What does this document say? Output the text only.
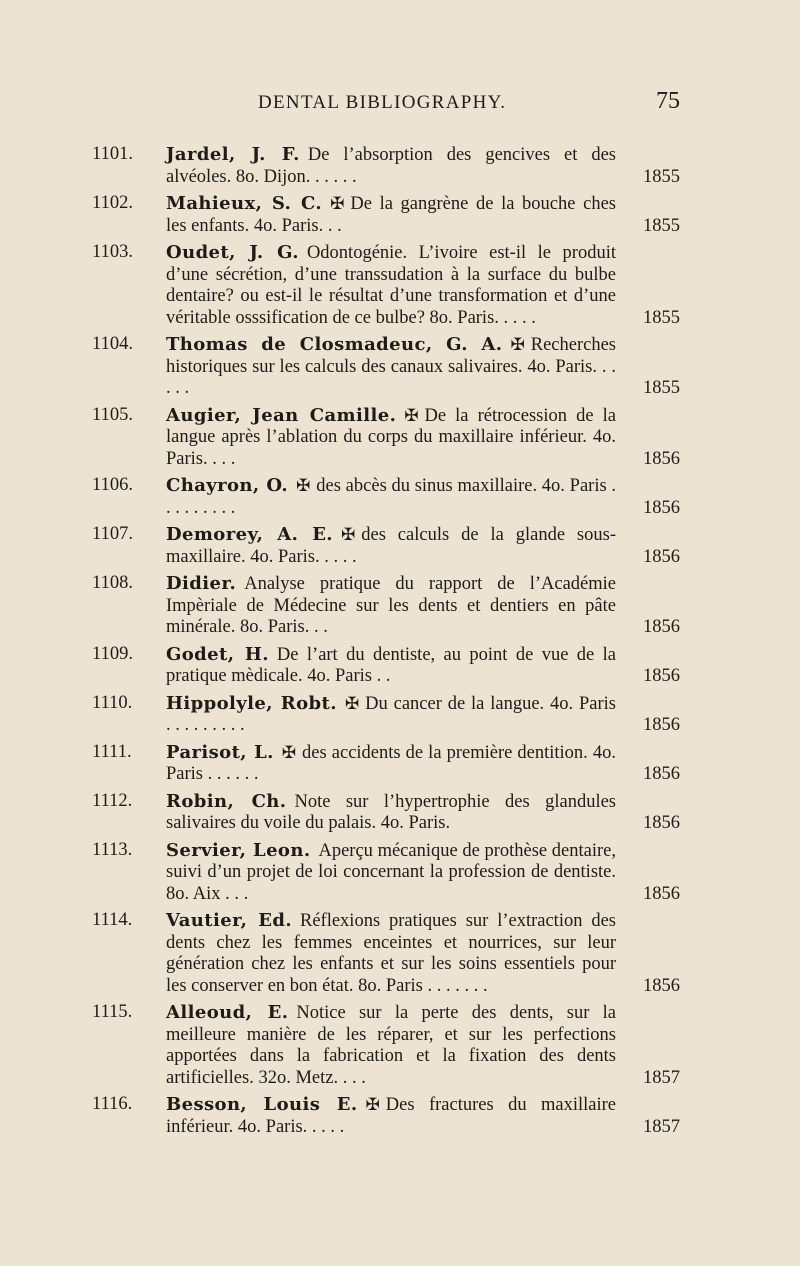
DENTAL BIBLIOGRAPHY.	75
1101. Jardel, J. F. De l’absorption des gencives et des alvéoles. 8o. Dijon. . . . . .	1855
1102. Mahieux, S. C. ✠ De la gangrène de la bouche ches les enfants. 4o. Paris. . .	1855
1103. Oudet, J. G. Odontogénie. L’ivoire est-il le produit d’une sécrétion, d’une transsudation à la surface du bulbe dentaire? ou est-il le résultat d’une transformation et d’une véritable osssification de ce bulbe? 8o. Paris. . . . .	1855
1104. Thomas de Closmadeuc, G. A. ✠ Recherches historiques sur les calculs des canaux salivaires. 4o. Paris. . . . . .	1855
1105. Augier, Jean Camille. ✠ De la rétrocession de la langue après l’ablation du corps du maxillaire inférieur. 4o. Paris. . . .	1856
1106. Chayron, O. ✠ des abcès du sinus maxillaire. 4o. Paris . . . . . . . . .	1856
1107. Demorey, A. E. ✠ des calculs de la glande sous-maxillaire. 4o. Paris. . . . .	1856
1108. Didier. Analyse pratique du rapport de l’Académie Impèriale de Médecine sur les dents et dentiers en pâte minérale. 8o. Paris. . .	1856
1109. Godet, H. De l’art du dentiste, au point de vue de la pratique mèdicale. 4o. Paris . .	1856
1110. Hippolyle, Robt. ✠ Du cancer de la langue. 4o. Paris . . . . . . . . .	1856
1111. Parisot, L. ✠ des accidents de la première dentition. 4o. Paris . . . . . .	1856
1112. Robin, Ch. Note sur l’hypertrophie des glandules salivaires du voile du palais. 4o. Paris.	1856
1113. Servier, Leon. Aperçu mécanique de prothèse dentaire, suivi d’un projet de loi concernant la profession de dentiste. 8o. Aix . . .	1856
1114. Vautier, Ed. Réflexions pratiques sur l’extraction des dents chez les femmes enceintes et nourrices, sur leur génération chez les enfants et sur les soins essentiels pour les conserver en bon état. 8o. Paris . . . . . . .	1856
1115. Alleoud, E. Notice sur la perte des dents, sur la meilleure manière de les réparer, et sur les perfections apportées dans la fabrication et la fixation des dents artificielles. 32o. Metz. . . .	1857
1116. Besson, Louis E. ✠ Des fractures du maxillaire inférieur. 4o. Paris. . . . .	1857
